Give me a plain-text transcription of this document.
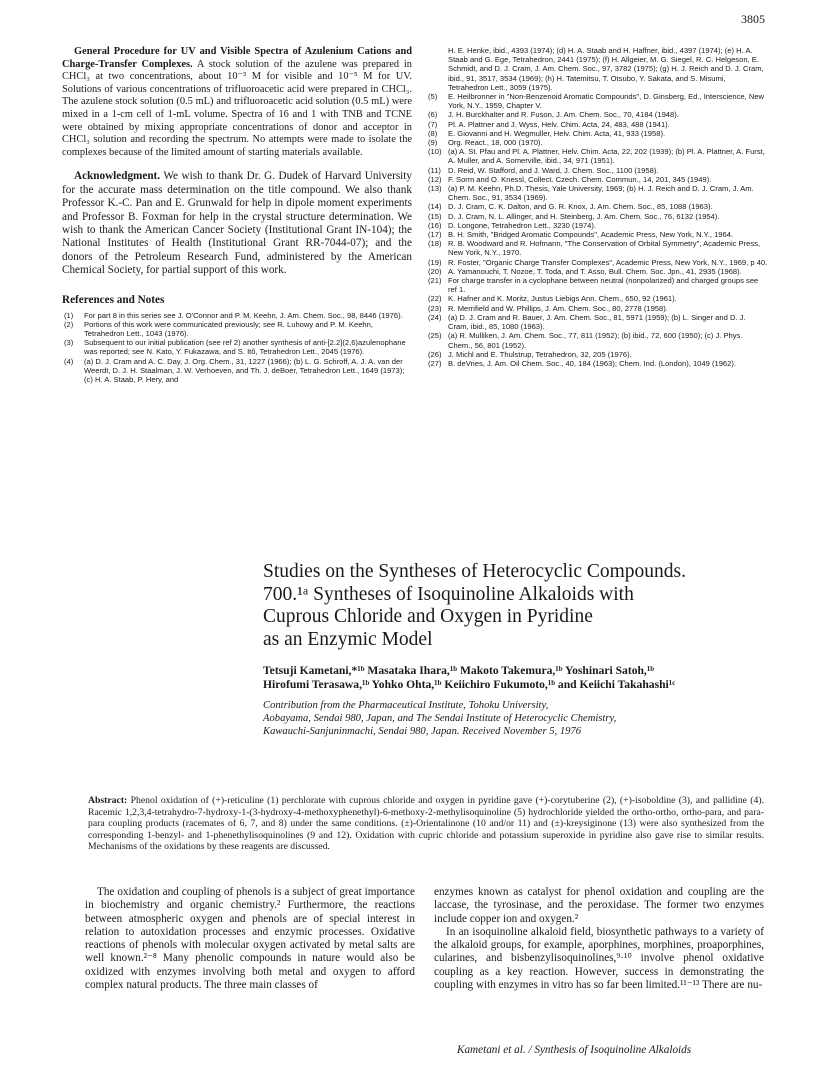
3805

General Procedure for UV and Visible Spectra of Azulenium Cations and Charge-Transfer Complexes. A stock solution of the azulene was prepared in CHCl₃ at two concentrations, about 10⁻³ M for visible and 10⁻⁵ M for UV. Solutions of various concentrations of trifluoroacetic acid were prepared in CHCl₃. The azulene stock solution (0.5 mL) and trifluoroacetic acid solution (0.5 mL) were mixed in a 1-cm cell of 1-mL volume. Spectra of 16 and 1 with TNB and TCNE were obtained by mixing appropriate concentrations of donor and acceptor in CHCl₃ solution and recording the spectrum. No attempts were made to isolate the complexes because of the limited amount of starting materials available.

Acknowledgment. We wish to thank Dr. G. Dudek of Harvard University for the accurate mass determination on the title compound. We also thank Professor K.-C. Pan and E. Grunwald for help in dipole moment experiments and Professor B. Foxman for help in the crystal structure determination. We wish to thank the American Cancer Society (Institutional Grant IN-104); the National Institutes of Health (Institutional Grant RR-7044-07); and the donors of the Petroleum Research Fund, administered by the American Chemical Society, for partial support of this work.

References and Notes

(1) For part 8 in this series see J. O'Connor and P. M. Keehn, J. Am. Chem. Soc., 98, 8446 (1976).

(2) Portions of this work were communicated previously; see R. Luhowy and P. M. Keehn, Tetrahedron Lett., 1043 (1976).

(3) Subsequent to our initial publication (see ref 2) another synthesis of anti-[2.2](2,6)azulenophane was reported; see N. Kato, Y. Fukazawa, and S. Itô, Tetrahedron Lett., 2045 (1976).

(4) (a) D. J. Cram and A. C. Day, J. Org. Chem., 31, 1227 (1966); (b) L. G. Schroff, A. J. A. van der Weerdt, D. J. H. Staalman, J. W. Verhoeven, and Th. J. deBoer, Tetrahedron Lett., 1649 (1973); (c) H. A. Staab, P. Hery, and

H. E. Henke, ibid., 4393 (1974); (d) H. A. Staab and H. Haffner, ibid., 4397 (1974); (e) H. A. Staab and G. Ege, Tetrahedron, 2441 (1975); (f) H. Allgeier, M. G. Siegel, R. C. Helgeson, E. Schmidt, and D. J. Cram, J. Am. Chem. Soc., 97, 3782 (1975); (g) H. J. Reich and D. J. Cram, ibid., 91, 3517, 3534 (1969); (h) H. Tatemitsu, T. Otsubo, Y. Sakata, and S. Misumi, Tetrahedron Lett., 3059 (1975).

(5) E. Heilbronner in "Non-Benzenoid Aromatic Compounds", D. Ginsberg, Ed., Interscience, New York, N.Y., 1959, Chapter V.

(6) J. H. Burckhalter and R. Fuson, J. Am. Chem. Soc., 70, 4184 (1948).

(7) Pl. A. Plattner and J. Wyss, Helv. Chim. Acta, 24, 483, 488 (1941).

(8) E. Giovanni and H. Wegmuller, Helv. Chim. Acta, 41, 933 (1958).

(9) Org. React., 18, 000 (1970).

(10) (a) A. St. Pfau and Pl. A. Plattner, Helv. Chim. Acta, 22, 202 (1939); (b) Pl. A. Plattner, A. Furst, A. Muller, and A. Somerville, ibid., 34, 971 (1951).

(11) D. Reid, W. Stafford, and J. Ward, J. Chem. Soc., 1100 (1958).

(12) F. Sorm and O. Knessl, Collect. Czech. Chem. Commun., 14, 201, 345 (1949).

(13) (a) P. M. Keehn, Ph.D. Thesis, Yale University, 1969; (b) H. J. Reich and D. J. Cram, J. Am. Chem. Soc., 91, 3534 (1969).

(14) D. J. Cram, C. K. Dalton, and G. R. Knox, J. Am. Chem. Soc., 85, 1088 (1963).

(15) D. J. Cram, N. L. Allinger, and H. Steinberg, J. Am. Chem. Soc., 76, 6132 (1954).

(16) D. Longone, Tetrahedron Lett., 3230 (1974).

(17) B. H. Smith, "Bridged Aromatic Compounds", Academic Press, New York, N.Y., 1964.

(18) R. B. Woodward and R. Hofmann, "The Conservation of Orbital Symmetry", Academic Press, New York, N.Y., 1970.

(19) R. Foster, "Organic Charge Transfer Complexes", Academic Press, New York, N.Y., 1969, p 40.

(20) A. Yamanouchi, T. Nozoe, T. Toda, and T. Asso, Bull. Chem. Soc. Jpn., 41, 2935 (1968).

(21) For charge transfer in a cyclophane between neutral (nonpolarized) and charged groups see ref 1.

(22) K. Hafner and K. Moritz, Justus Liebigs Ann. Chem., 650, 92 (1961).

(23) R. Merrifield and W. Phillips, J. Am. Chem. Soc., 80, 2778 (1958).

(24) (a) D. J. Cram and R. Bauer, J. Am. Chem. Soc., 81, 5971 (1959); (b) L. Singer and D. J. Cram, ibid., 85, 1080 (1963).

(25) (a) R. Mulliken, J. Am. Chem. Soc., 77, 811 (1952); (b) ibid., 72, 600 (1950); (c) J. Phys. Chem., 56, 801 (1952).

(26) J. Michl and E. Thulstrup, Tetrahedron, 32, 205 (1976).

(27) B. deVries, J. Am. Oil Chem. Soc., 40, 184 (1963); Chem. Ind. (London), 1049 (1962).

Studies on the Syntheses of Heterocyclic Compounds.
700.¹ᵃ Syntheses of Isoquinoline Alkaloids with
Cuprous Chloride and Oxygen in Pyridine
as an Enzymic Model

Tetsuji Kametani,*¹ᵇ Masataka Ihara,¹ᵇ Makoto Takemura,¹ᵇ Yoshinari Satoh,¹ᵇ
Hirofumi Terasawa,¹ᵇ Yohko Ohta,¹ᵇ Keiichiro Fukumoto,¹ᵇ and Keiichi Takahashi¹ᶜ

Contribution from the Pharmaceutical Institute, Tohoku University,
Aobayama, Sendai 980, Japan, and The Sendai Institute of Heterocyclic Chemistry,
Kawauchi-Sanjuninmachi, Sendai 980, Japan. Received November 5, 1976

Abstract: Phenol oxidation of (+)-reticuline (1) perchlorate with cuprous chloride and oxygen in pyridine gave (+)-corytuberine (2), (+)-isoboldine (3), and pallidine (4). Racemic 1,2,3,4-tetrahydro-7-hydroxy-1-(3-hydroxy-4-methoxyphenethyl)-6-methoxy-2-methylisoquinoline (5) hydrochloride yielded the ortho-ortho, ortho-para, and para-para coupling products (racemates of 6, 7, and 8) under the same conditions. (±)-Orientalinone (10 and/or 11) and (±)-kreysiginone (13) were also synthesized from the corresponding 1-benzyl- and 1-phenethylisoquinolines (9 and 12). Oxidation with cupric chloride and potassium superoxide in pyridine also gave rise to similar results. Mechanisms of the oxidations by these reagents are discussed.

The oxidation and coupling of phenols is a subject of great importance in biochemistry and organic chemistry.² Furthermore, the reactions between atmospheric oxygen and phenols are of special interest in relation to autoxidation processes and enzymic processes. Oxidative reactions of phenols with molecular oxygen activated by metal salts are well known.²⁻⁸ Many phenolic compounds in nature would also be oxidized with enzymes involving both metal and oxygen to afford complex natural products. The three main classes of

enzymes known as catalyst for phenol oxidation and coupling are the laccase, the tyrosinase, and the peroxidase. The former two enzymes include copper ion and oxygen.²

In an isoquinoline alkaloid field, biosynthetic pathways to a variety of the alkaloid groups, for example, aporphines, morphines, proaporphines, cularines, and bisbenzylisoquinolines,⁹·¹⁰ involve phenol oxidative coupling as a key reaction. However, success in demonstrating the coupling with enzymes in vitro has so far been limited.¹¹⁻¹³ There are nu-

Kametani et al. / Synthesis of Isoquinoline Alkaloids
